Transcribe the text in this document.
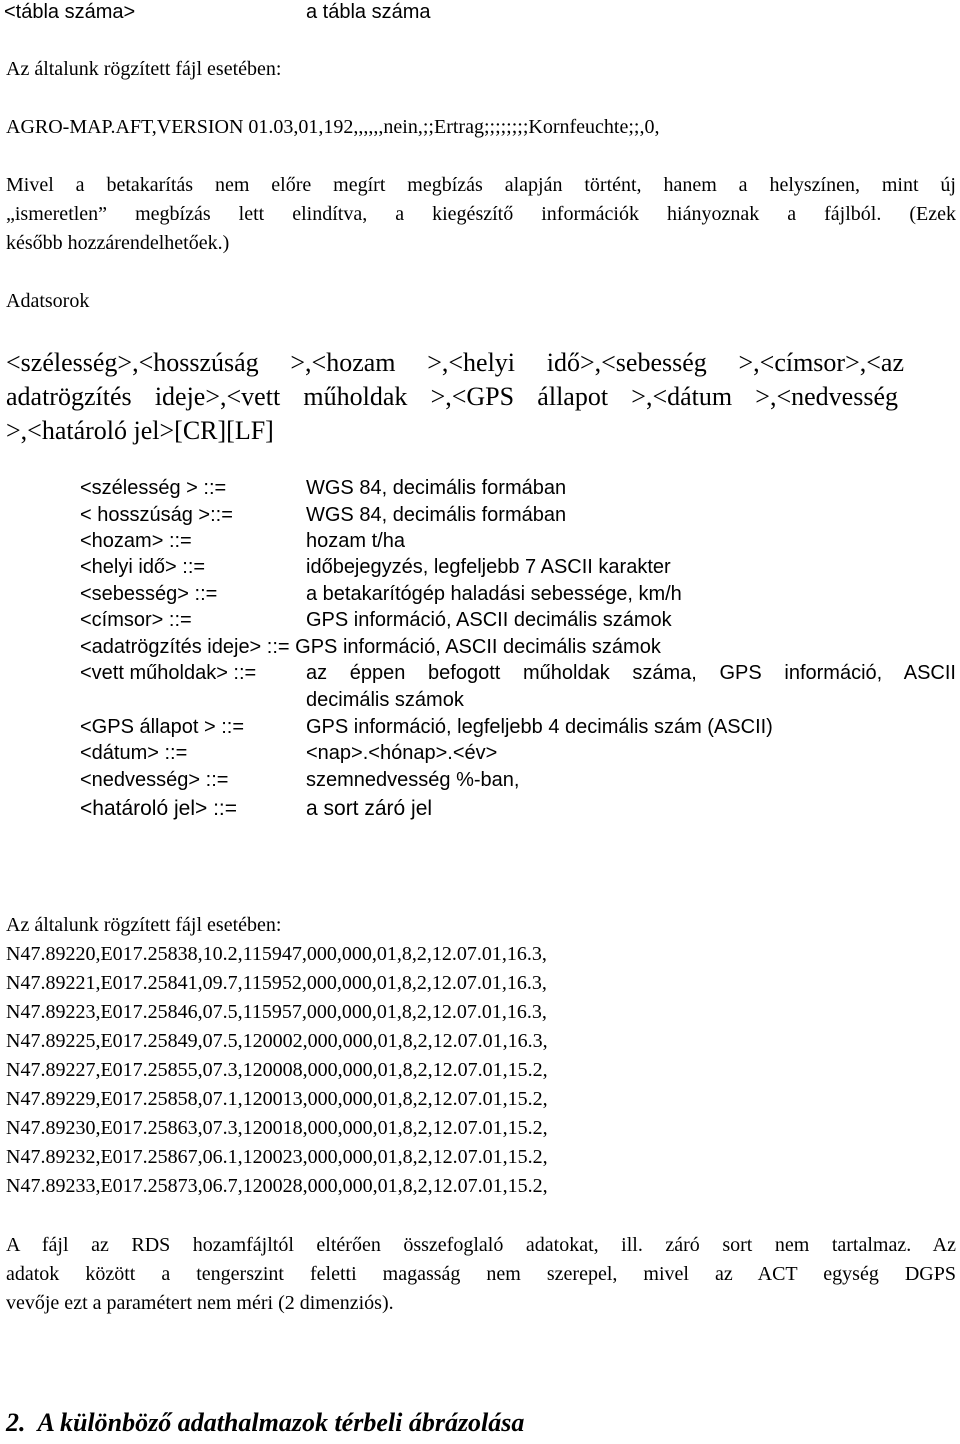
<tábla száma>	a tábla száma
Az általunk rögzített fájl esetében:
AGRO-MAP.AFT,VERSION 01.03,01,192,,,,,,nein,;;Ertrag;;;;;;;;Kornfeuchte;;,0,
Mivel a betakarítás nem előre megírt megbízás alapján történt, hanem a helyszínen, mint új
„ismeretlen” megbízás lett elindítva, a kiegészítő információk hiányoznak a fájlból. (Ezek
később hozzárendelhetőek.)
Adatsorok
<szélesség>,<hosszúság >,<hozam >,<helyi idő>,<sebesség >,<címsor>,<az
adatrögzítés ideje>,<vett műholdak >,<GPS állapot >,<dátum >,<nedvesség
>,<határoló jel>[CR][LF]
<szélesség > ::=	WGS 84, decimális formában
< hosszúság >::=	WGS 84, decimális formában
<hozam> ::=	hozam t/ha
<helyi idő> ::=	időbejegyzés, legfeljebb 7 ASCII karakter
<sebesség> ::=	a betakarítógép haladási sebessége, km/h
<címsor> ::=	GPS információ, ASCII decimális számok
<adatrögzítés ideje> ::= GPS információ, ASCII decimális számok
<vett műholdak> ::= az éppen befogott műholdak száma, GPS információ, ASCII
decimális számok
<GPS állapot > ::=	GPS információ, legfeljebb 4 decimális szám (ASCII)
<dátum> ::=	<nap>.<hónap>.<év>
<nedvesség> ::=	szemnedvesség %-ban,
<határoló jel> ::=	a sort záró jel
Az általunk rögzített fájl esetében:
N47.89220,E017.25838,10.2,115947,000,000,01,8,2,12.07.01,16.3,
N47.89221,E017.25841,09.7,115952,000,000,01,8,2,12.07.01,16.3,
N47.89223,E017.25846,07.5,115957,000,000,01,8,2,12.07.01,16.3,
N47.89225,E017.25849,07.5,120002,000,000,01,8,2,12.07.01,16.3,
N47.89227,E017.25855,07.3,120008,000,000,01,8,2,12.07.01,15.2,
N47.89229,E017.25858,07.1,120013,000,000,01,8,2,12.07.01,15.2,
N47.89230,E017.25863,07.3,120018,000,000,01,8,2,12.07.01,15.2,
N47.89232,E017.25867,06.1,120023,000,000,01,8,2,12.07.01,15.2,
N47.89233,E017.25873,06.7,120028,000,000,01,8,2,12.07.01,15.2,
A fájl az RDS hozamfájltól eltérően összefoglaló adatokat, ill. záró sort nem tartalmaz. Az
adatok között a tengerszint feletti magasság nem szerepel, mivel az ACT egység DGPS
vevője ezt a paramétert nem méri (2 dimenziós).
2.  A különböző adathalmazok térbeli ábrázolása
